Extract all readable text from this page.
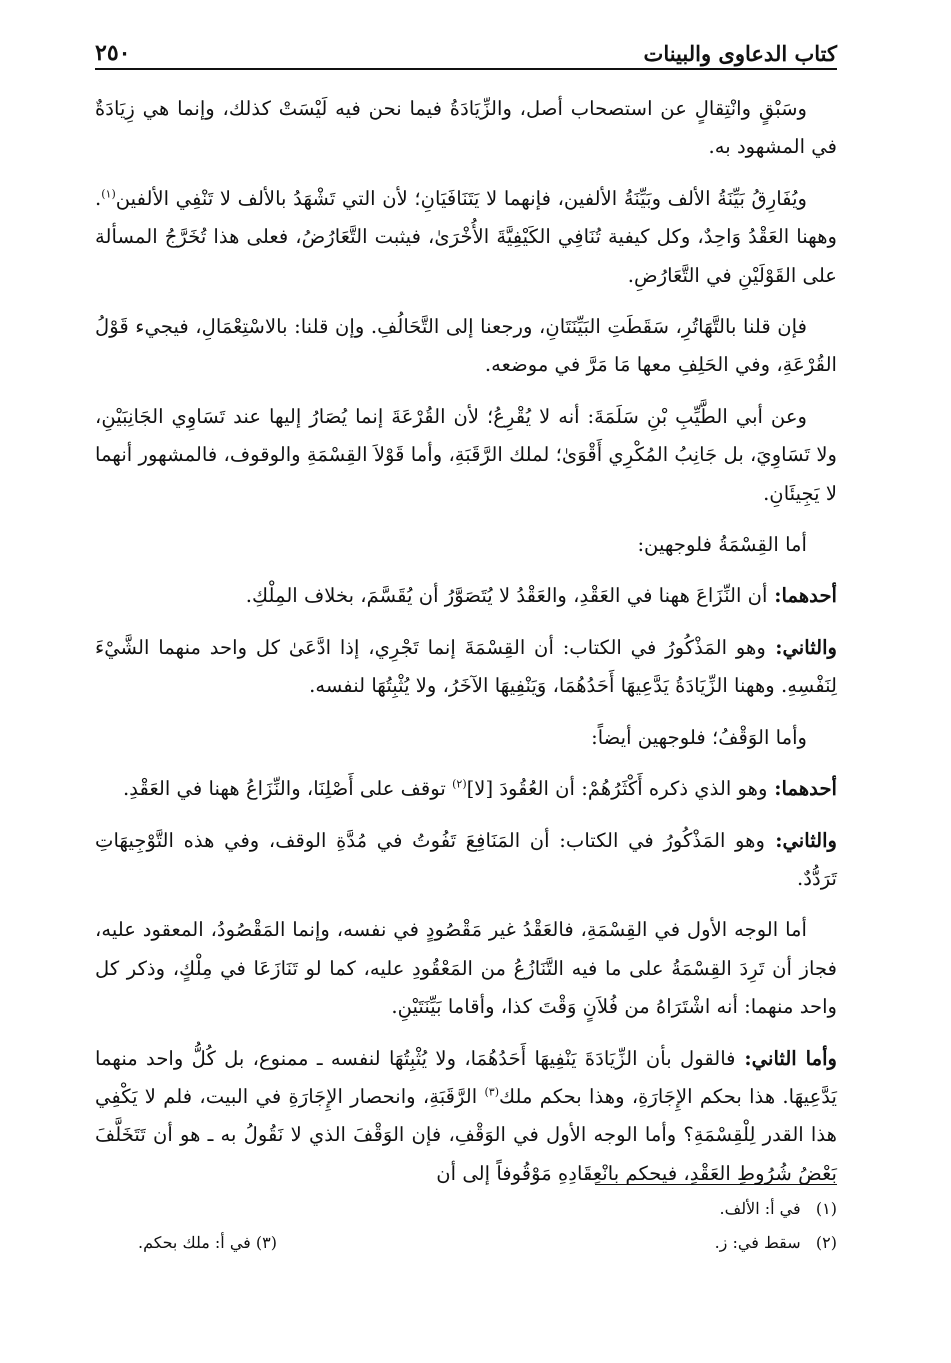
كتاب الدعاوى والبينات
٢٥٠

وسَبْقٍ وانْتِقالٍ عن استصحاب أصل، والزِّيَادَةُ فيما نحن فيه لَيْسَتْ كذلك، وإنما هي زِيَادَةٌ في المشهود به.

ويُفَارِقُ بَيِّنَةُ الألف وبَيِّنَةُ الألفين، فإنهما لا يَتَنَافَيَانِ؛ لأن التي تَشْهَدُ بالألف لا تَنْفِي الألفين$^{(١)}$. وههنا العَقْدُ وَاحِدٌ، وكل كيفية تُنَافِي الكَيْفِيَّةَ الأُخْرَىٰ، فيثبت التَّعَارُضُ، فعلى هذا تُخَرَّجُ المسألة على القَوْلَيْنِ في التَّعَارُضِ.

فإن قلنا بالتَّهَاتُرِ، سَقَطَتِ البَيِّنَتَانِ، ورجعنا إلى التَّحَالُفِ. وإن قلنا: بالاسْتِعْمَالِ، فيجيء قَوْلُ القُرْعَةِ، وفي الحَلِفِ معها مَا مَرَّ في موضعه.

وعن أبي الطَّيِّبِ بْنِ سَلَمَةَ: أنه لا يُقْرِعُ؛ لأن القُرْعَةَ إنما يُصَارُ إليها عند تَسَاوِي الجَانِبَيْنِ، ولا تَسَاوِيَ، بل جَانِبُ المُكْرِي أَقْوَىٰ؛ لملك الرَّقَبَةِ، وأما قَوْلاَ القِسْمَةِ والوقوف، فالمشهور أنهما لا يَجِيئَانِ.

أما القِسْمَةُ فلوجهين:

أحدهما: أن النِّزَاعَ ههنا في العَقْدِ، والعَقْدُ لا يُتَصَوَّرُ أن يُقَسَّمَ، بخلاف المِلْكِ.

والثاني: وهو المَذْكُورُ في الكتاب: أن القِسْمَةَ إنما تَجْرِي، إذا ادَّعَىٰ كل واحد منهما الشَّيْءَ لِنَفْسِهِ. وههنا الزِّيَادَةُ يَدَّعِيهَا أَحَدُهُمَا، وَيَنْفِيهَا الآخَرُ، ولا يُثْبِتُهَا لنفسه.

وأما الوَقْفُ؛ فلوجهين أيضاً:

أحدهما: وهو الذي ذكره أَكْثَرُهُمْ: أن العُقُودَ [لا]$^{(٢)}$ توقف على أَصْلِنَا، والنِّزَاعُ ههنا في العَقْدِ.

والثاني: وهو المَذْكُورُ في الكتاب: أن المَنَافِعَ تَفُوتُ في مُدَّةِ الوقف، وفي هذه التَّوْجِيهَاتِ تَرَدُّدٌ.

أما الوجه الأول في القِسْمَةِ، فالعَقْدُ غير مَقْصُودٍ في نفسه، وإنما المَقْصُودُ، المعقود عليه، فجاز أن تَرِدَ القِسْمَةُ على ما فيه التَّنَازُعُ من المَعْقُودِ عليه، كما لو تَنَازَعَا في مِلْكٍ، وذكر كل واحد منهما: أنه اشْتَرَاهُ من فُلاَنٍ وَقْتَ كذا، وأقاما بَيِّنَتَيْنِ.

وأما الثاني: فالقول بأن الزِّيَادَةَ يَنْفِيهَا أَحَدُهُمَا، ولا يُثْبِتُهَا لنفسه ـ ممنوع، بل كُلُّ واحد منهما يَدَّعِيهَا. هذا بحكم الإِجَارَةِ، وهذا بحكم ملك$^{(٣)}$ الرَّقَبَةِ، وانحصار الإِجَارَةِ في البيت، فلم لا يَكْفِي هذا القدر لِلْقِسْمَةِ؟ وأما الوجه الأول في الوَقْفِ، فإن الوَقْفَ الذي لا نَقُولُ به ـ هو أن تَتَخَلَّفَ بَعْضُ شُرُوطِ العَقْدِ، فيحكم بانْعِقَادِهِ مَوْقُوفاً إلى أن

(١)   في أ: الألف.
(٢)   سقط في: ز.
(٣) في أ: ملك بحكم.
